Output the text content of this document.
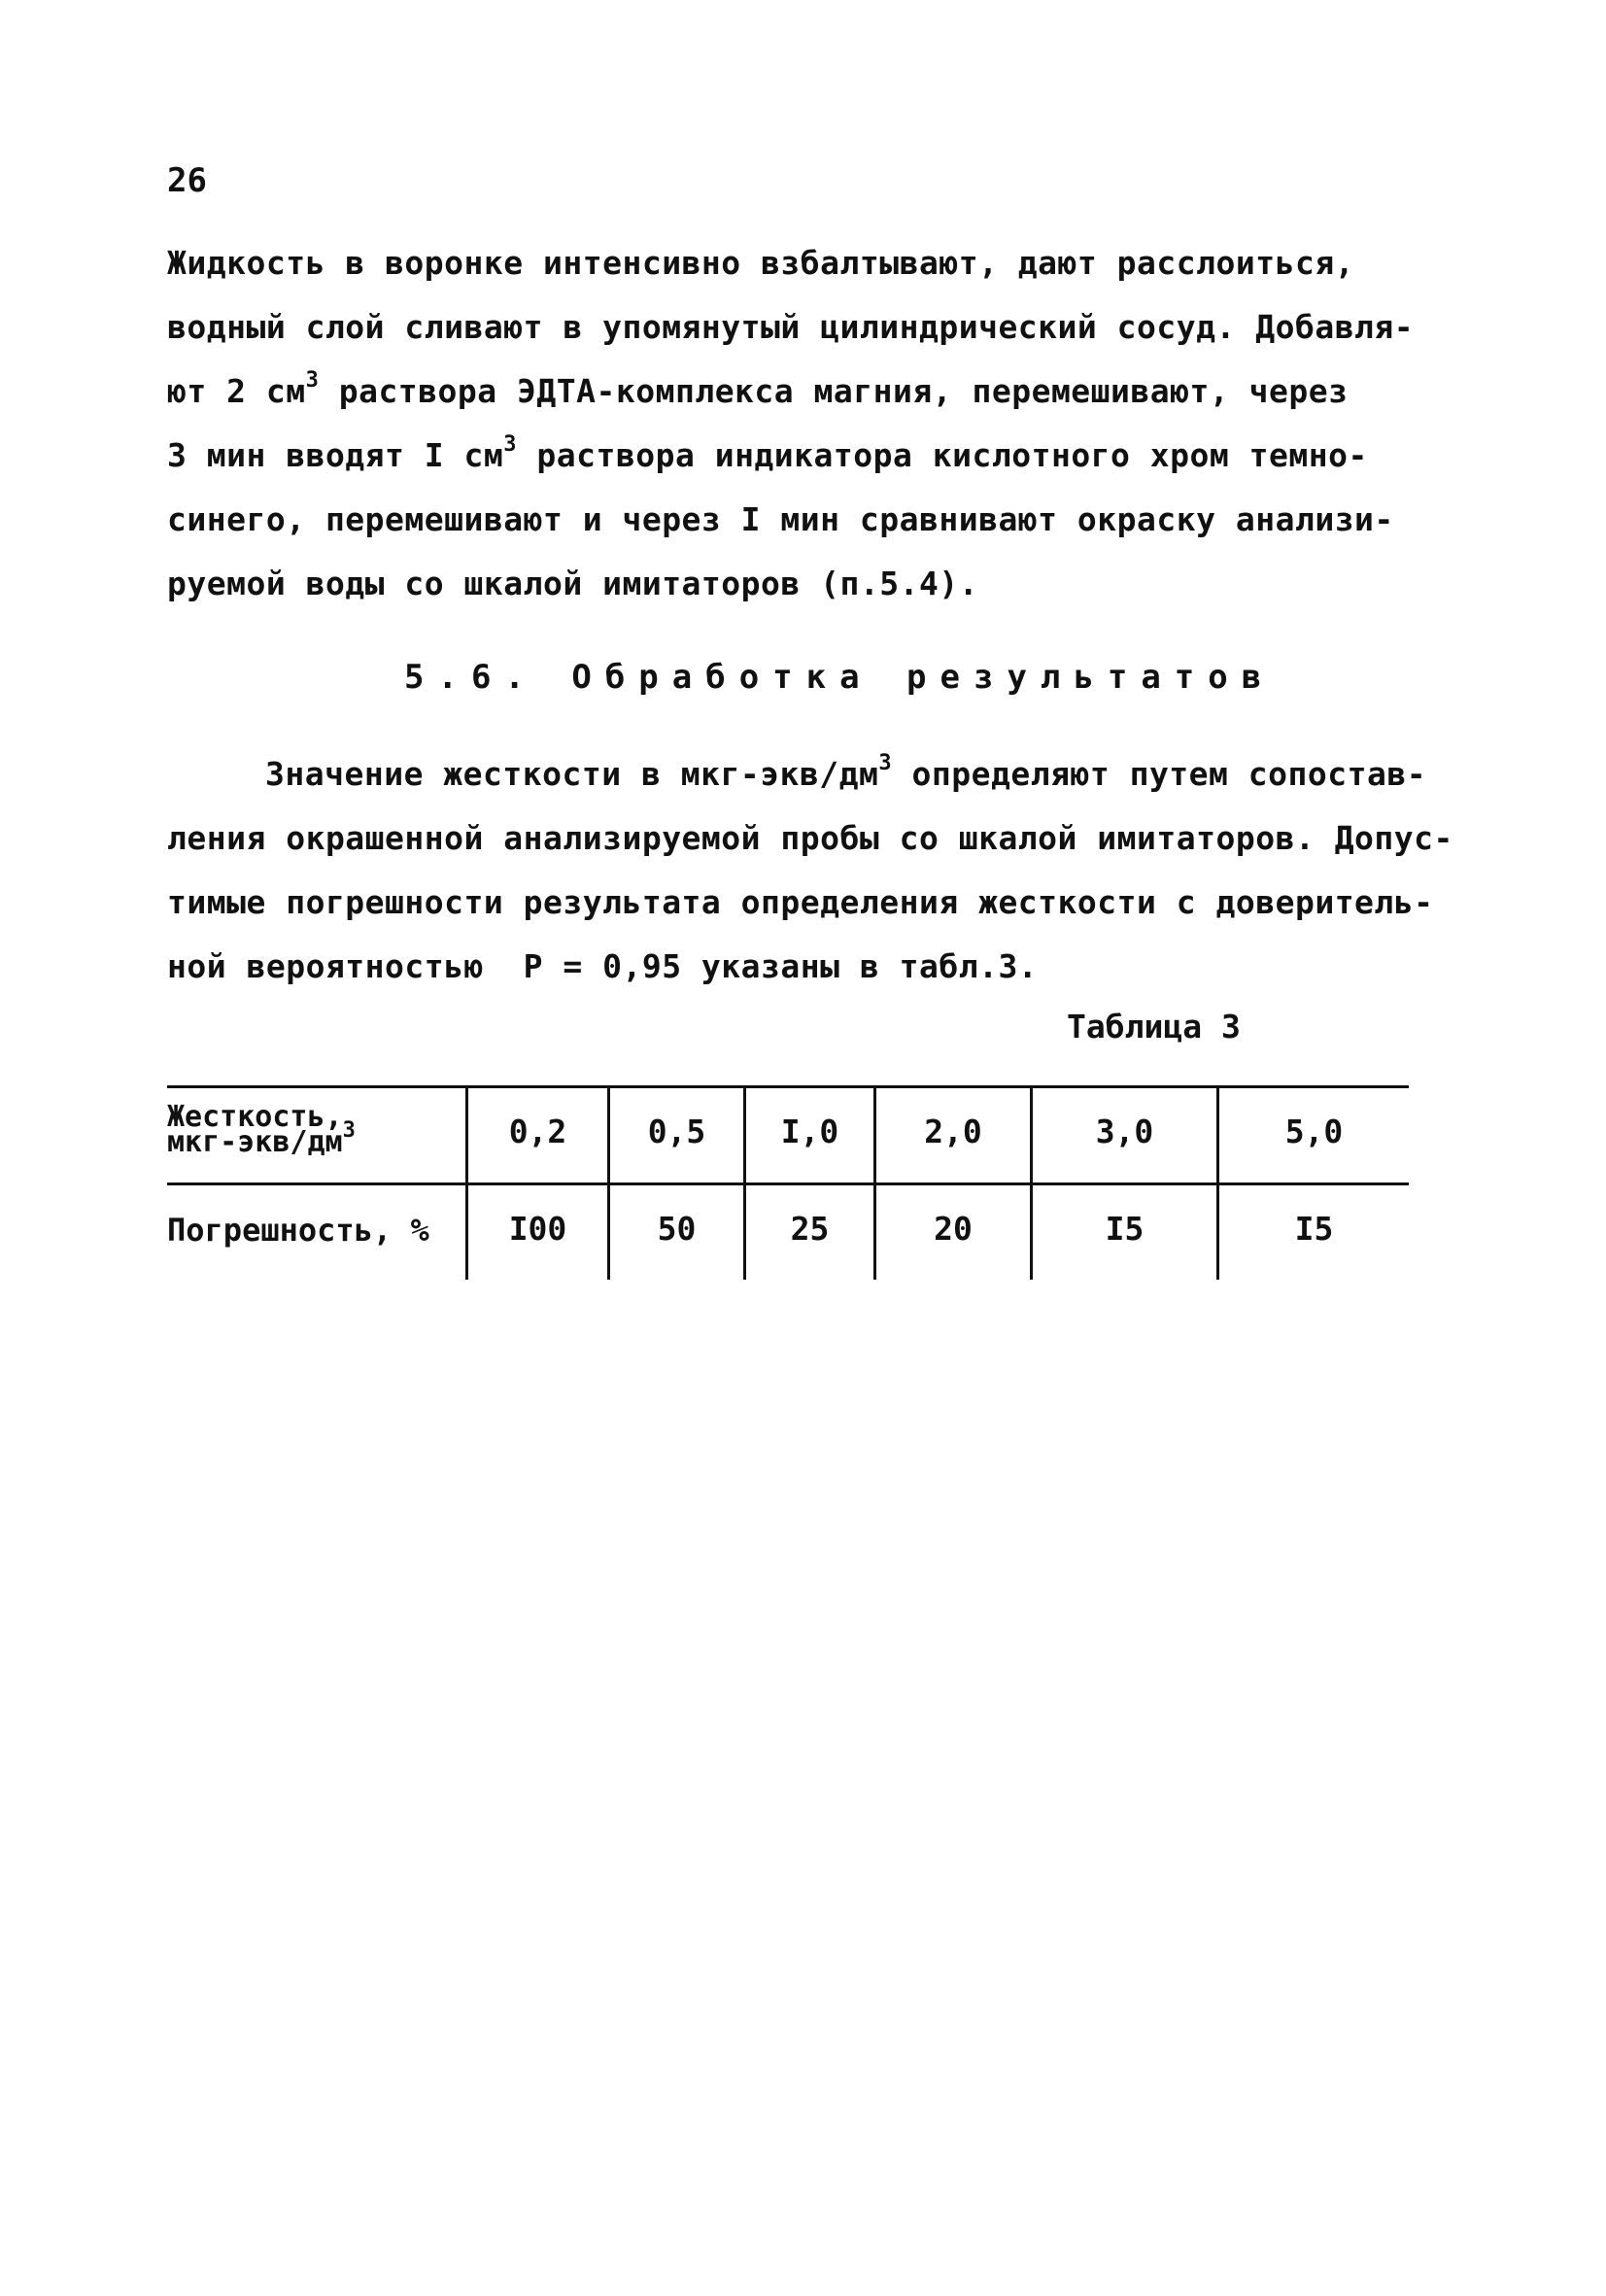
26
Жидкость в воронке интенсивно взбалтывают, дают расслоиться,
водный слой сливают в упомянутый цилиндрический сосуд. Добавля-
ют 2 $см^3$ раствора ЭДТА-комплекса магния, перемешивают, через
3 мин вводят I $см^3$ раствора индикатора кислотного хром темно-
синего, перемешивают и через I мин сравнивают окраску анализи-
руемой воды со шкалой имитаторов (п.5.4).
5.6. Обработка результатов
Значение жесткости в мкг-$экв/дм^3$ определяют путем сопостав-
ления окрашенной анализируемой пробы со шкалой имитаторов. Допус-
тимые погрешности результата определения жесткости с доверитель-
ной вероятностью  P = 0,95 указаны в табл.3.
Таблица 3
Жесткость,
мкг-$экв/дм^3$	0,2	0,5	I,0	2,0	3,0	5,0
Погрешность, %	I00	50	25	20	I5	I5
